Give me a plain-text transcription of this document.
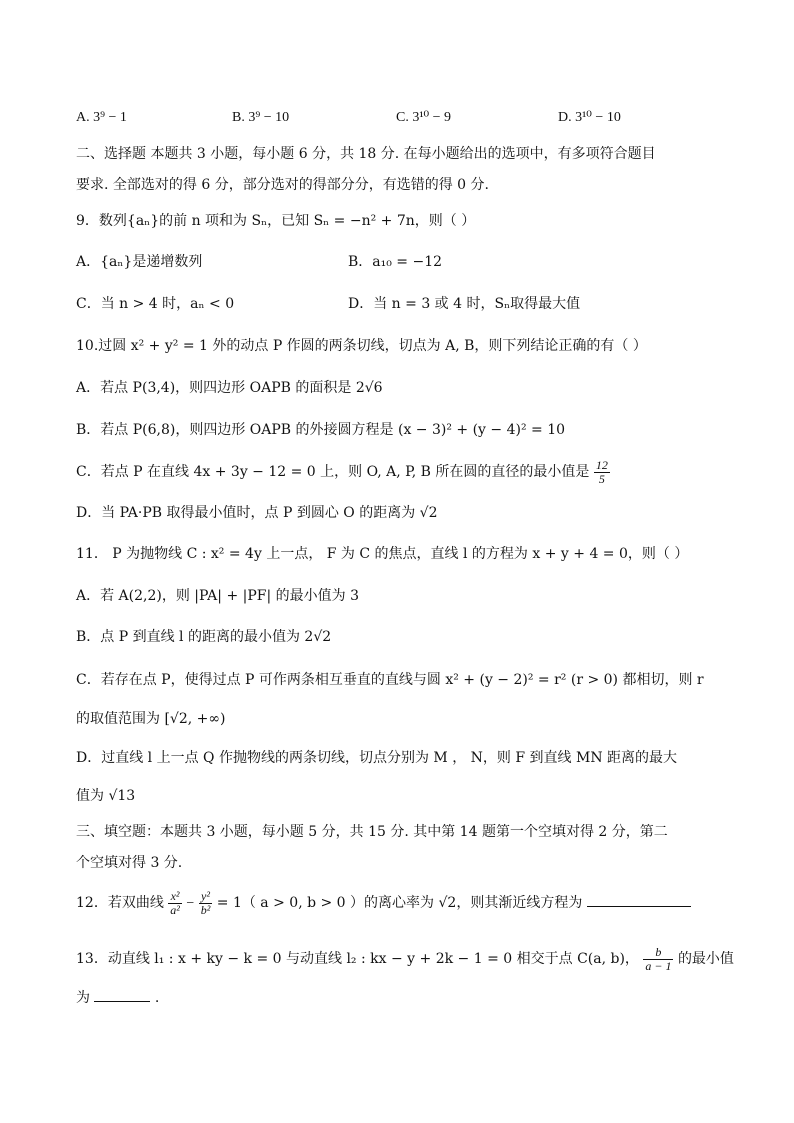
A. 3⁹ − 1	B. 3⁹ − 10	C. 3¹⁰ − 9	D. 3¹⁰ − 10
二、选择题 本题共 3 小题，每小题 6 分，共 18 分. 在每小题给出的选项中，有多项符合题目
要求. 全部选对的得 6 分，部分选对的得部分分，有选错的得 0 分.
9．数列{aₙ}的前 n 项和为 Sₙ，已知 Sₙ = −n² + 7n，则（ ）
A．{aₙ}是递增数列	B．a₁₀ = −12
C．当 n > 4 时，aₙ < 0	D．当 n = 3 或 4 时，Sₙ取得最大值
10.过圆 x² + y² = 1 外的动点 P 作圆的两条切线，切点为 A, B，则下列结论正确的有（ ）
A．若点 P(3,4)，则四边形 OAPB 的面积是 2√6
B．若点 P(6,8)，则四边形 OAPB 的外接圆方程是 (x − 3)² + (y − 4)² = 10
C．若点 P 在直线 4x + 3y − 12 = 0 上，则 O, A, P, B 所在圆的直径的最小值是 $\frac{12}{5}$
D．当 PA·PB 取得最小值时，点 P 到圆心 O 的距离为 √2
11． P 为抛物线 C : x² = 4y 上一点， F 为 C 的焦点，直线 l 的方程为 x + y + 4 = 0，则（ ）
A．若 A(2,2)，则 |PA| + |PF| 的最小值为 3
B．点 P 到直线 l 的距离的最小值为 2√2
C．若存在点 P，使得过点 P 可作两条相互垂直的直线与圆 x² + (y − 2)² = r² (r > 0) 都相切，则 r
的取值范围为 [√2, +∞)
D．过直线 l 上一点 Q 作抛物线的两条切线，切点分别为 M ， N，则 F 到直线 MN 距离的最大
值为 √13
三、填空题：本题共 3 小题，每小题 5 分，共 15 分. 其中第 14 题第一个空填对得 2 分，第二
个空填对得 3 分.
12．若双曲线 $\frac{\text{x²}}{\text{a²}} - \frac{\text{y²}}{\text{b²}} = 1$（ a > 0, b > 0 ）的离心率为 √2，则其渐近线方程为
13．动直线 l₁ : x + ky − k = 0 与动直线 l₂ : kx − y + 2k − 1 = 0 相交于点 C(a, b)， $\frac{b}{a - 1}$ 的最小值
为	.
